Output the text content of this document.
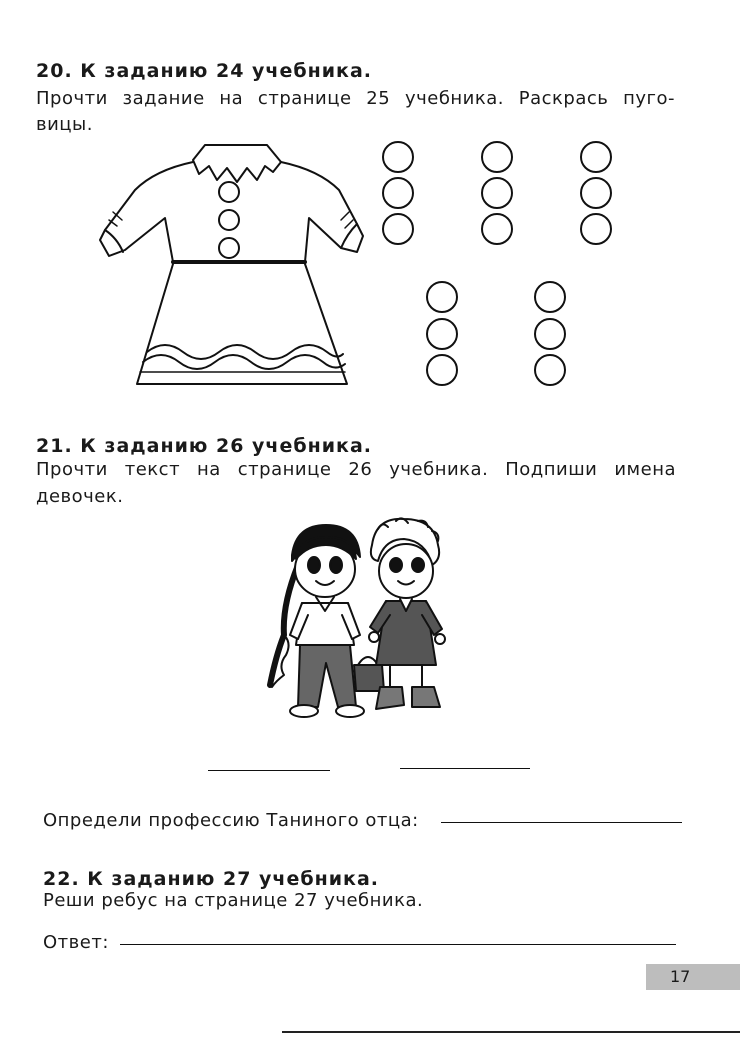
20. К заданию 24 учебника.

Прочти задание на странице 25 учебника. Раскрась пуго-

вицы.

21. К заданию 26 учебника.

Прочти текст на странице 26 учебника. Подпиши имена

девочек.

Определи профессию Таниного отца:

22. К заданию 27 учебника.

Реши ребус на странице 27 учебника.

Ответ:

17
